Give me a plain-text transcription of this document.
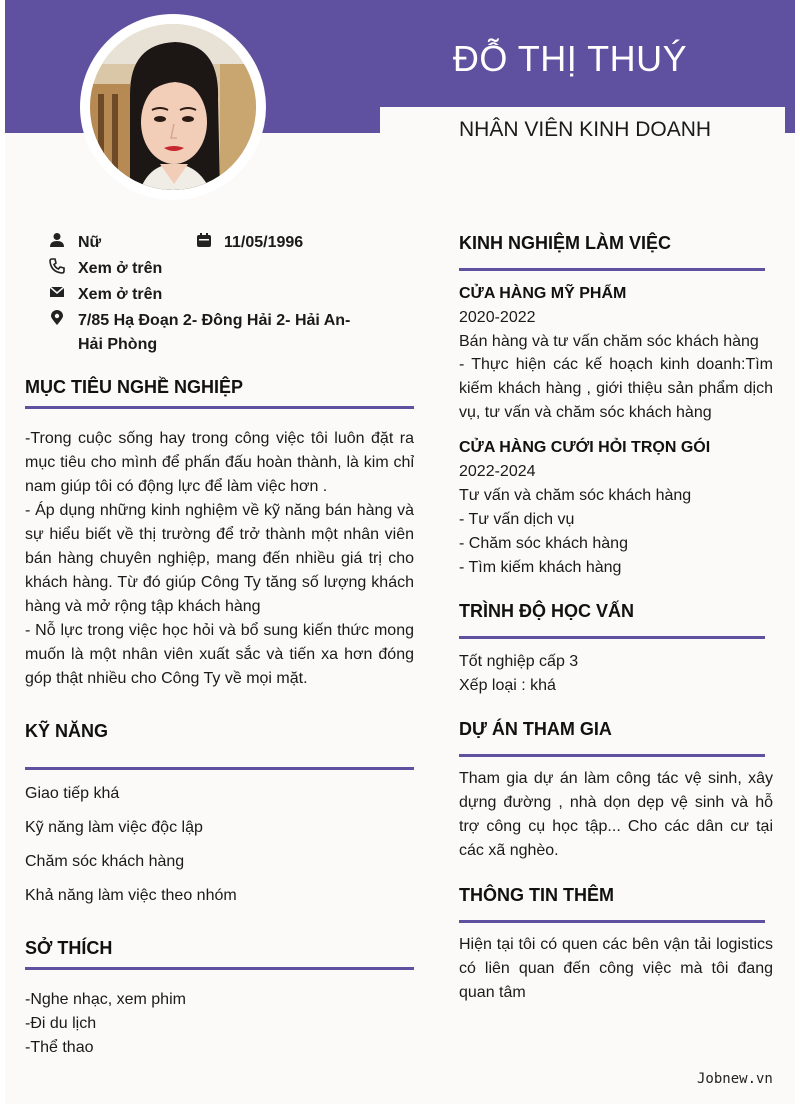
ĐỖ THỊ THUÝ
NHÂN VIÊN KINH DOANH
Nữ	11/05/1996
Xem ở trên
Xem ở trên
7/85 Hạ Đoạn 2- Đông Hải 2- Hải An-
Hải Phòng
MỤC TIÊU NGHỀ NGHIỆP
-Trong cuộc sống hay trong công việc tôi luôn đặt ra mục tiêu cho mình để phấn đấu hoàn thành, là kim chỉ nam giúp tôi có động lực để làm việc hơn .
- Áp dụng những kinh nghiệm về kỹ năng bán hàng và sự hiểu biết về thị trường để trở thành một nhân viên bán hàng chuyên nghiệp, mang đến nhiều giá trị cho khách hàng. Từ đó giúp Công Ty tăng số lượng khách hàng và mở rộng tập khách hàng
- Nỗ lực trong việc học hỏi và bổ sung kiến thức mong muốn là một nhân viên xuất sắc và tiến xa hơn đóng góp thật nhiều cho Công Ty về mọi mặt.
KỸ NĂNG
Giao tiếp khá
Kỹ năng làm việc độc lập
Chăm sóc khách hàng
Khả năng làm việc theo nhóm
SỞ THÍCH
-Nghe nhạc, xem phim
-Đi du lịch
-Thể thao
KINH NGHIỆM LÀM VIỆC
CỬA HÀNG MỸ PHẨM
2020-2022
Bán hàng và tư vấn chăm sóc khách hàng
- Thực hiện các kế hoạch kinh doanh:Tìm kiếm khách hàng , giới thiệu sản phẩm dịch vụ, tư vấn và chăm sóc khách hàng
CỬA HÀNG CƯỚI HỎI TRỌN GÓI
2022-2024
Tư vấn và chăm sóc khách hàng
- Tư vấn dịch vụ
- Chăm sóc khách hàng
- Tìm kiếm khách hàng
TRÌNH ĐỘ HỌC VẤN
Tốt nghiệp cấp 3
Xếp loại : khá
DỰ ÁN THAM GIA
Tham gia dự án làm công tác vệ sinh, xây dựng đường , nhà dọn dẹp vệ sinh và hỗ trợ công cụ học tập... Cho các dân cư tại các xã nghèo.
THÔNG TIN THÊM
Hiện tại tôi có quen các bên vận tải logistics có liên quan đến công việc mà tôi đang quan tâm
Jobnew.vn
